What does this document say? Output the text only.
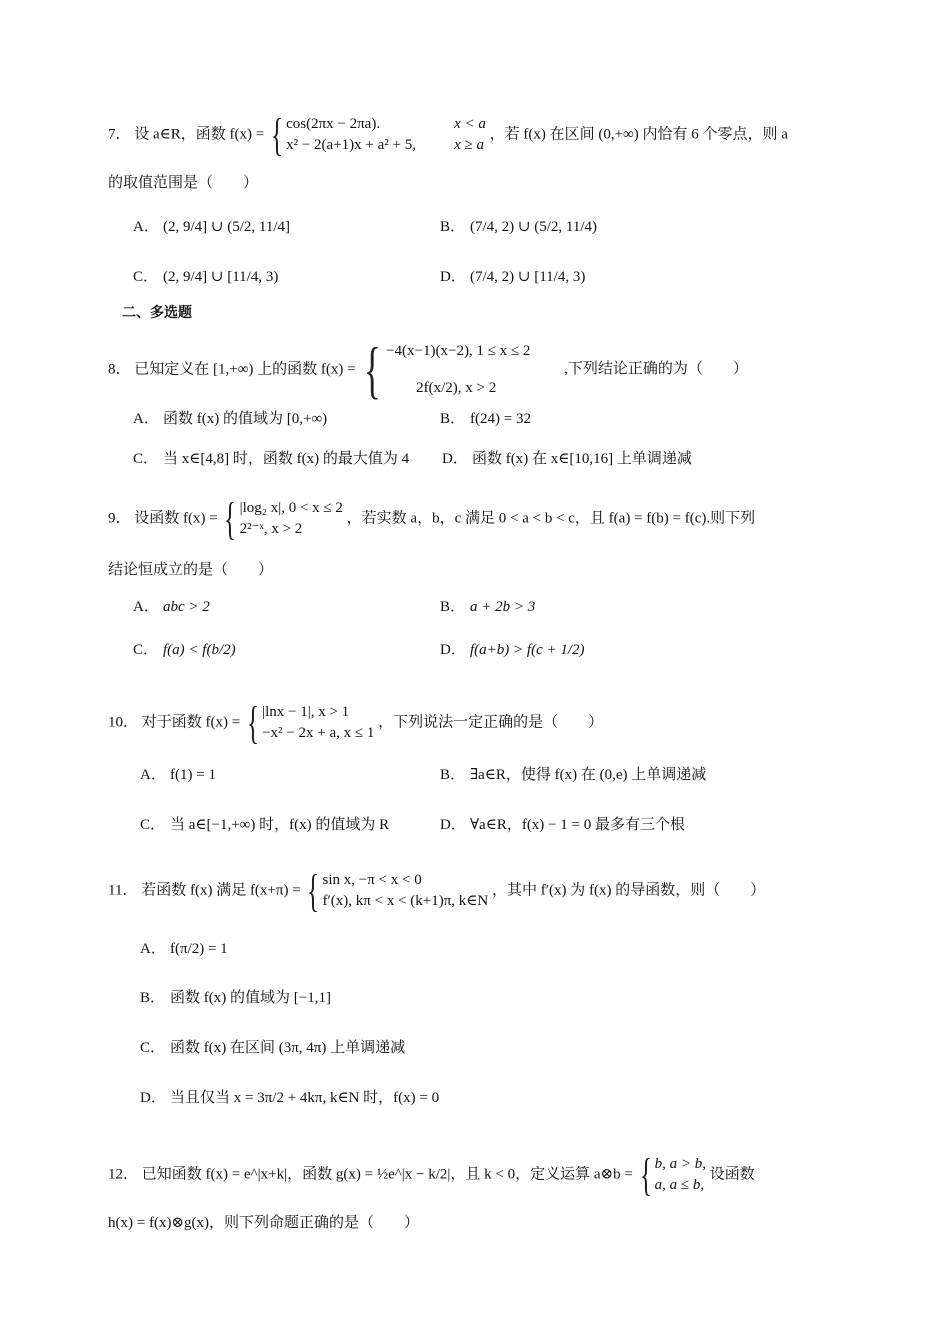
7． 设 a∈R，函数 f(x) = { cos(2πx − 2πa).	x < a
x² − 2(a+1)x + a² + 5,	x ≥ a
，若 f(x) 在区间 (0,+∞) 内恰有 6 个零点，则 a
的取值范围是（　　）
A． (2, 9/4] ∪ (5/2, 11/4]	B． (7/4, 2) ∪ (5/2, 11/4)
C． (2, 9/4] ∪ [11/4, 3)	D． (7/4, 2) ∪ [11/4, 3)
二、多选题
8． 已知定义在 [1,+∞) 上的函数 f(x) = { −4(x−1)(x−2), 1 ≤ x ≤ 2
2f(x/2), x > 2
,下列结论正确的为（　　）
A． 函数 f(x) 的值域为 [0,+∞)	B． f(24) = 32
C． 当 x∈[4,8] 时，函数 f(x) 的最大值为 4 D． 函数 f(x) 在 x∈[10,16] 上单调递减
9． 设函数 f(x) = { |log₂ x|, 0 < x ≤ 2
2²⁻ˣ, x > 2
，若实数 a，b，c 满足 0 < a < b < c，且 f(a) = f(b) = f(c).则下列
结论恒成立的是（　　）
A． abc > 2	B． a + 2b > 3
C． f(a) < f(b/2)	D． f(a+b) > f(c + 1/2)
10． 对于函数 f(x) = { |lnx − 1|, x > 1
−x² − 2x + a, x ≤ 1
，下列说法一定正确的是（　　）
A． f(1) = 1	B． ∃a∈R，使得 f(x) 在 (0,e) 上单调递减
C． 当 a∈[−1,+∞) 时，f(x) 的值域为 R	D． ∀a∈R，f(x) − 1 = 0 最多有三个根
11． 若函数 f(x) 满足 f(x+π) = { sin x, −π < x < 0
f′(x), kπ < x < (k+1)π, k∈N
，其中 f′(x) 为 f(x) 的导函数，则（　　）
A． f(π/2) = 1
B． 函数 f(x) 的值域为 [−1,1]
C． 函数 f(x) 在区间 (3π, 4π) 上单调递减
D． 当且仅当 x = 3π/2 + 4kπ, k∈N 时，f(x) = 0
12． 已知函数 f(x) = e^|x+k|，函数 g(x) = ½e^|x − k/2|，且 k < 0，定义运算 a⊗b = { b, a > b,
a, a ≤ b,
设函数
h(x) = f(x)⊗g(x)，则下列命题正确的是（　　）
